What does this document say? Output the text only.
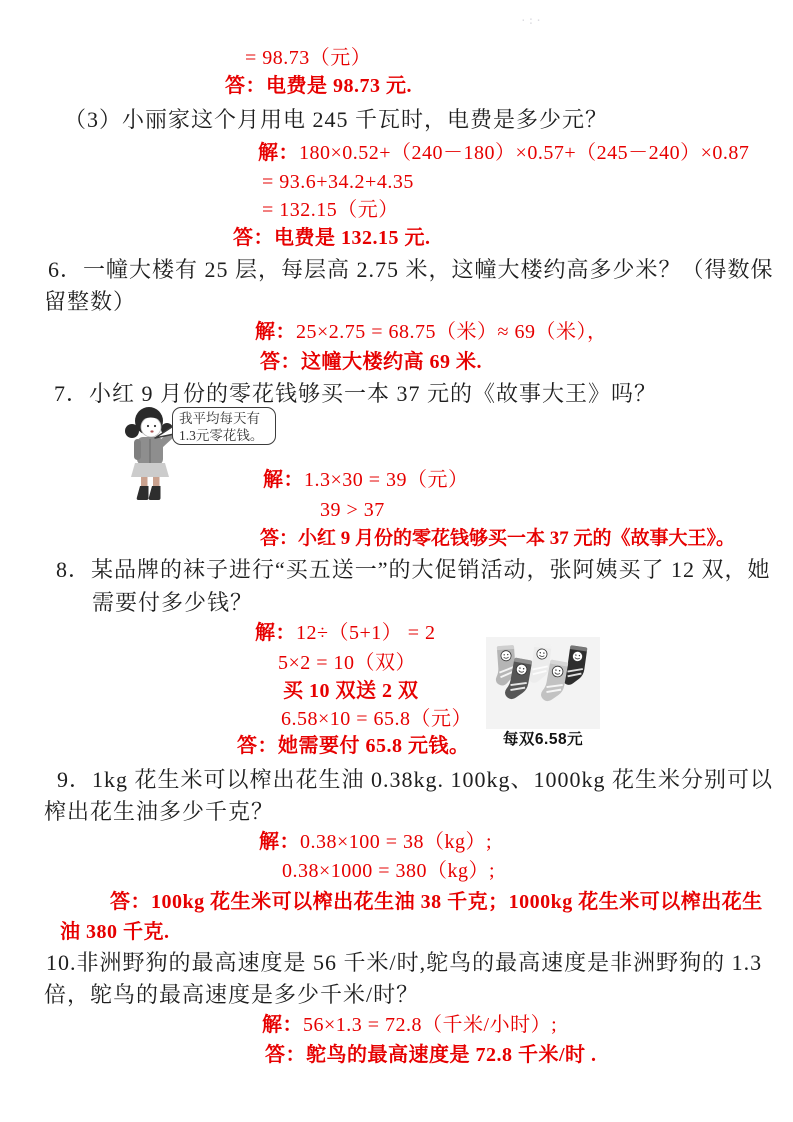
·:·
= 98.73（元）
答：电费是 98.73 元.
（3）小丽家这个月用电 245 千瓦时，电费是多少元？
解：180×0.52+（240－180）×0.57+（245－240）×0.87
= 93.6+34.2+4.35
= 132.15（元）
答：电费是 132.15 元.
6．一幢大楼有 25 层，每层高 2.75 米，这幢大楼约高多少米？（得数保
留整数）
解：25×2.75 = 68.75（米）≈ 69（米），
答：这幢大楼约高 69 米.
7．小红 9 月份的零花钱够买一本 37 元的《故事大王》吗？
我平均每天有
1.3元零花钱。
解：1.3×30 = 39（元）
39 > 37
答：小红 9 月份的零花钱够买一本 37 元的《故事大王》。
8．某品牌的袜子进行“买五送一”的大促销活动，张阿姨买了 12 双，她
需要付多少钱？
解：12÷（5+1） = 2
5×2 = 10（双）
买 10 双送 2 双
6.58×10 = 65.8（元）
答：她需要付 65.8 元钱。	每双6.58元
9．1kg 花生米可以榨出花生油 0.38kg. 100kg、1000kg 花生米分别可以
榨出花生油多少千克？
解：0.38×100 = 38（kg）;
0.38×1000 = 380（kg）;
答：100kg 花生米可以榨出花生油 38 千克；1000kg 花生米可以榨出花生
油 380 千克.
10.非洲野狗的最高速度是 56 千米/时,鸵鸟的最高速度是非洲野狗的 1.3
倍，鸵鸟的最高速度是多少千米/时？
解：56×1.3 = 72.8（千米/小时）;
答：鸵鸟的最高速度是 72.8 千米/时 .
